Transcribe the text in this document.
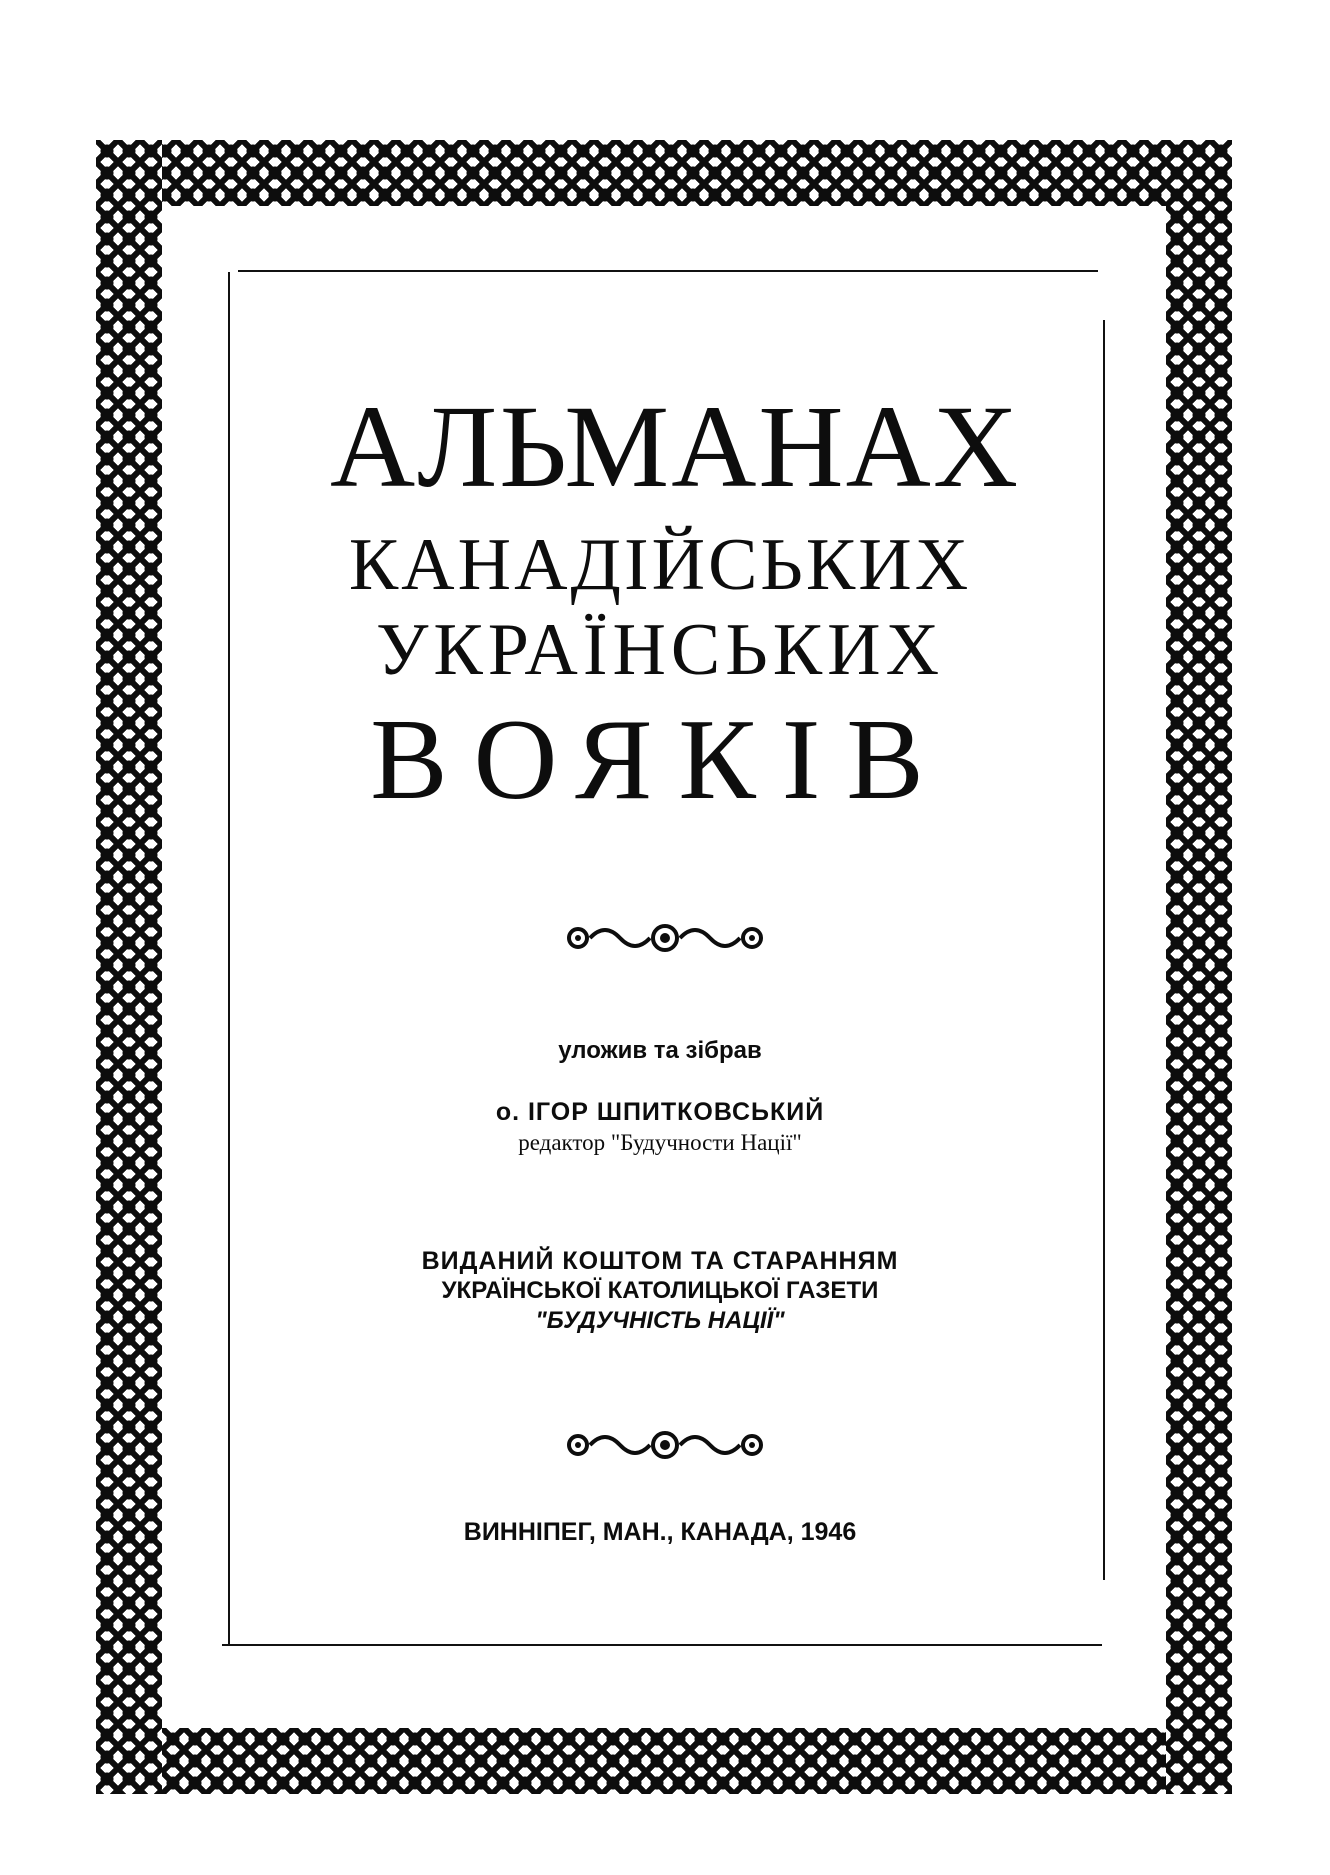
АЛЬМАНАХ
КАНАДІЙСЬКИХ
УКРАЇНСЬКИХ
ВОЯКІВ
уложив та зібрав
о. ІГОР ШПИТКОВСЬКИЙ
редактор "Будучности Нації"
ВИДАНИЙ КОШТОМ ТА СТАРАННЯМ
УКРАЇНСЬКОЇ КАТОЛИЦЬКОЇ ГАЗЕТИ
"БУДУЧНІСТЬ НАЦІЇ"
ВИННІПЕГ, МАН., КАНАДА, 1946
